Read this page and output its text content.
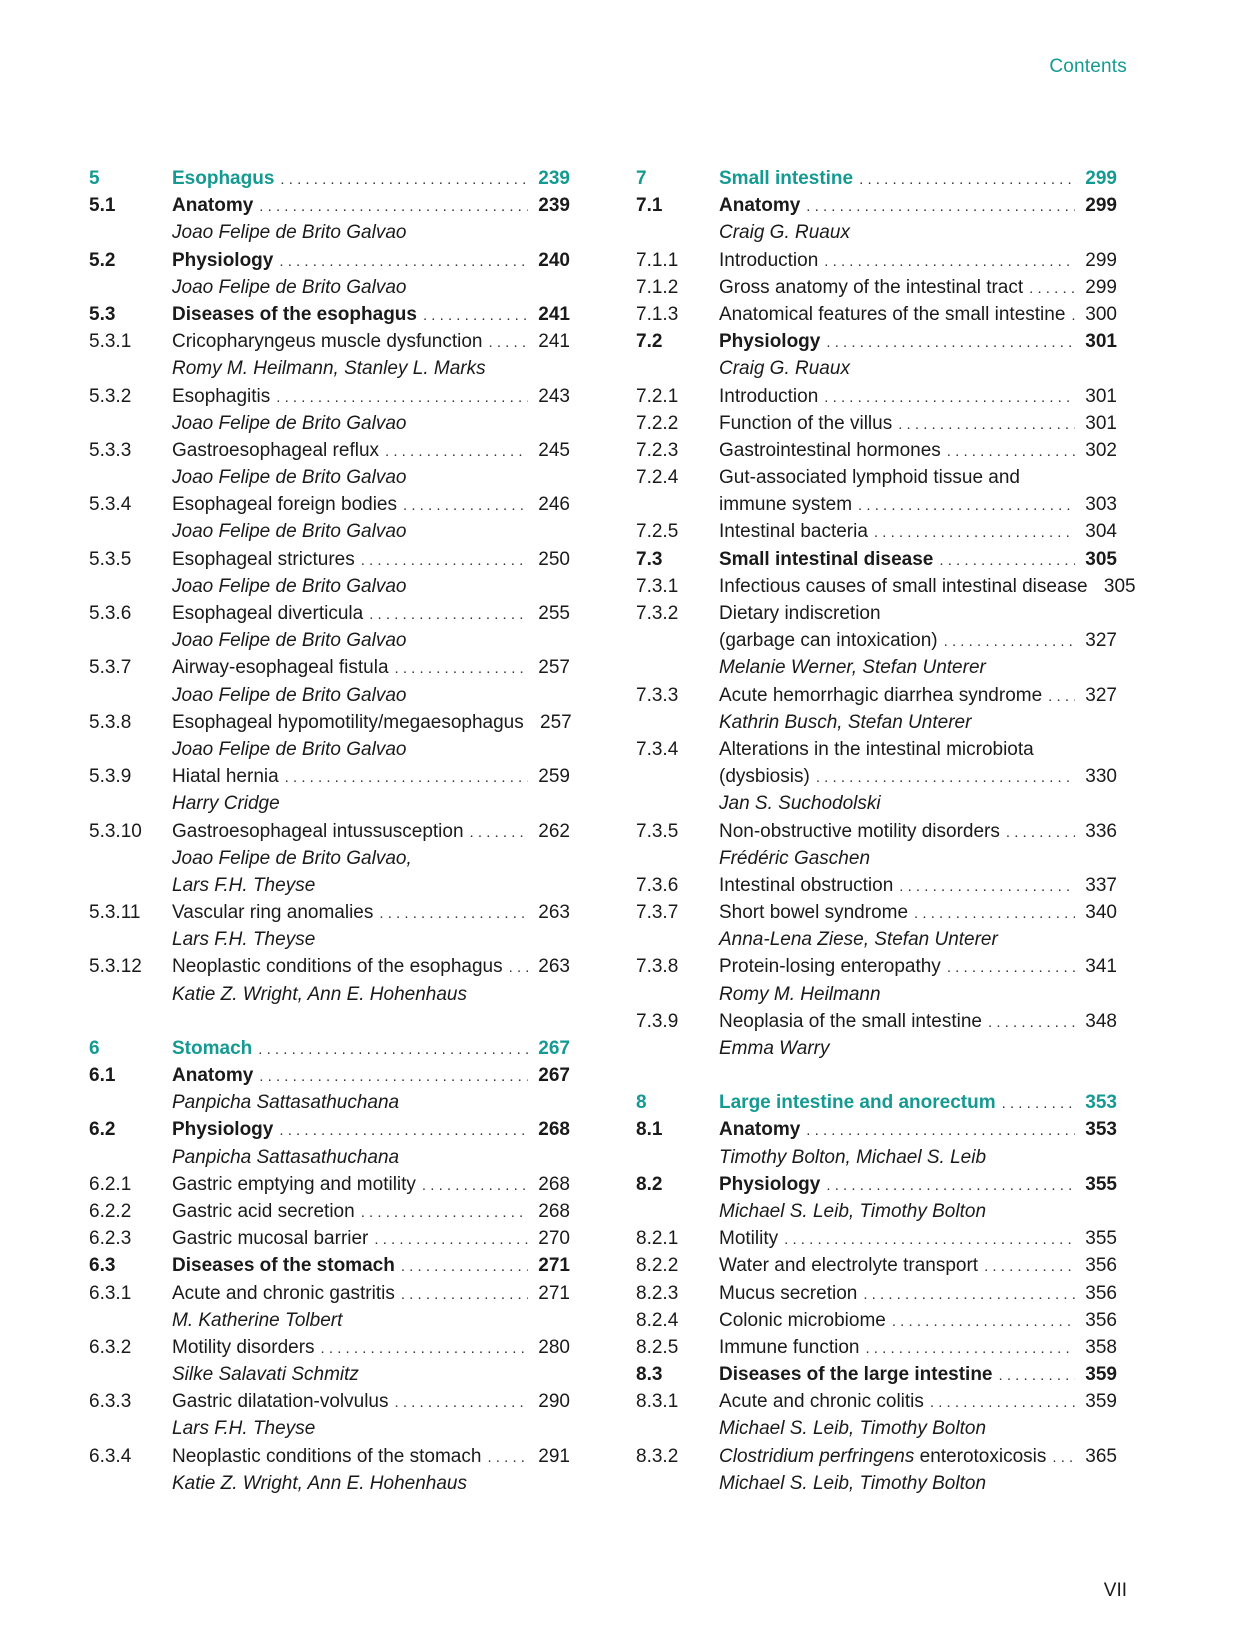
Contents
5	Esophagus . . .	239
5.1	Anatomy . . .	239
Joao Felipe de Brito Galvao
5.2	Physiology . . .	240
Joao Felipe de Brito Galvao
5.3	Diseases of the esophagus . . .	241
5.3.1	Cricopharyngeus muscle dysfunction . . .	241
Romy M. Heilmann, Stanley L. Marks
5.3.2	Esophagitis . . .	243
Joao Felipe de Brito Galvao
5.3.3	Gastroesophageal reflux . . .	245
Joao Felipe de Brito Galvao
5.3.4	Esophageal foreign bodies . . .	246
Joao Felipe de Brito Galvao
5.3.5	Esophageal strictures . . .	250
Joao Felipe de Brito Galvao
5.3.6	Esophageal diverticula . . .	255
Joao Felipe de Brito Galvao
5.3.7	Airway-esophageal fistula . . .	257
Joao Felipe de Brito Galvao
5.3.8	Esophageal hypomotility/megaesophagus 257
Joao Felipe de Brito Galvao
5.3.9	Hiatal hernia . . .	259
Harry Cridge
5.3.10	Gastroesophageal intussusception . . .	262
Joao Felipe de Brito Galvao,
Lars F.H. Theyse
5.3.11	Vascular ring anomalies . . .	263
Lars F.H. Theyse
5.3.12	Neoplastic conditions of the esophagus . . . 263
Katie Z. Wright, Ann E. Hohenhaus
6	Stomach . . .	267
6.1	Anatomy . . .	267
Panpicha Sattasathuchana
6.2	Physiology . . .	268
Panpicha Sattasathuchana
6.2.1	Gastric emptying and motility . . .	268
6.2.2	Gastric acid secretion . . .	268
6.2.3	Gastric mucosal barrier . . .	270
6.3	Diseases of the stomach . . .	271
6.3.1	Acute and chronic gastritis . . .	271
M. Katherine Tolbert
6.3.2	Motility disorders . . .	280
Silke Salavati Schmitz
6.3.3	Gastric dilatation-volvulus . . .	290
Lars F.H. Theyse
6.3.4	Neoplastic conditions of the stomach . . .	291
Katie Z. Wright, Ann E. Hohenhaus
7	Small intestine . . .	299
7.1	Anatomy . . .	299
Craig G. Ruaux
7.1.1	Introduction . . .	299
7.1.2	Gross anatomy of the intestinal tract . . .	299
7.1.3	Anatomical features of the small intestine . . . 300
7.2	Physiology . . .	301
Craig G. Ruaux
7.2.1	Introduction . . .	301
7.2.2	Function of the villus . . .	301
7.2.3	Gastrointestinal hormones . . .	302
7.2.4	Gut-associated lymphoid tissue and
immune system . . .	303
7.2.5	Intestinal bacteria . . .	304
7.3	Small intestinal disease . . .	305
7.3.1	Infectious causes of small intestinal disease 305
7.3.2	Dietary indiscretion
(garbage can intoxication) . . .	327
Melanie Werner, Stefan Unterer
7.3.3	Acute hemorrhagic diarrhea syndrome . . . 327
Kathrin Busch, Stefan Unterer
7.3.4	Alterations in the intestinal microbiota
(dysbiosis) . . .	330
Jan S. Suchodolski
7.3.5	Non-obstructive motility disorders . . .	336
Frédéric Gaschen
7.3.6	Intestinal obstruction . . .	337
7.3.7	Short bowel syndrome . . .	340
Anna-Lena Ziese, Stefan Unterer
7.3.8	Protein-losing enteropathy . . .	341
Romy M. Heilmann
7.3.9	Neoplasia of the small intestine . . .	348
Emma Warry
8	Large intestine and anorectum . . .	353
8.1	Anatomy . . .	353
Timothy Bolton, Michael S. Leib
8.2	Physiology . . .	355
Michael S. Leib, Timothy Bolton
8.2.1	Motility . . .	355
8.2.2	Water and electrolyte transport . . .	356
8.2.3	Mucus secretion . . .	356
8.2.4	Colonic microbiome . . .	356
8.2.5	Immune function . . .	358
8.3	Diseases of the large intestine . . .	359
8.3.1	Acute and chronic colitis . . .	359
Michael S. Leib, Timothy Bolton
8.3.2	Clostridium perfringens enterotoxicosis . . . 365
Michael S. Leib, Timothy Bolton
VII
